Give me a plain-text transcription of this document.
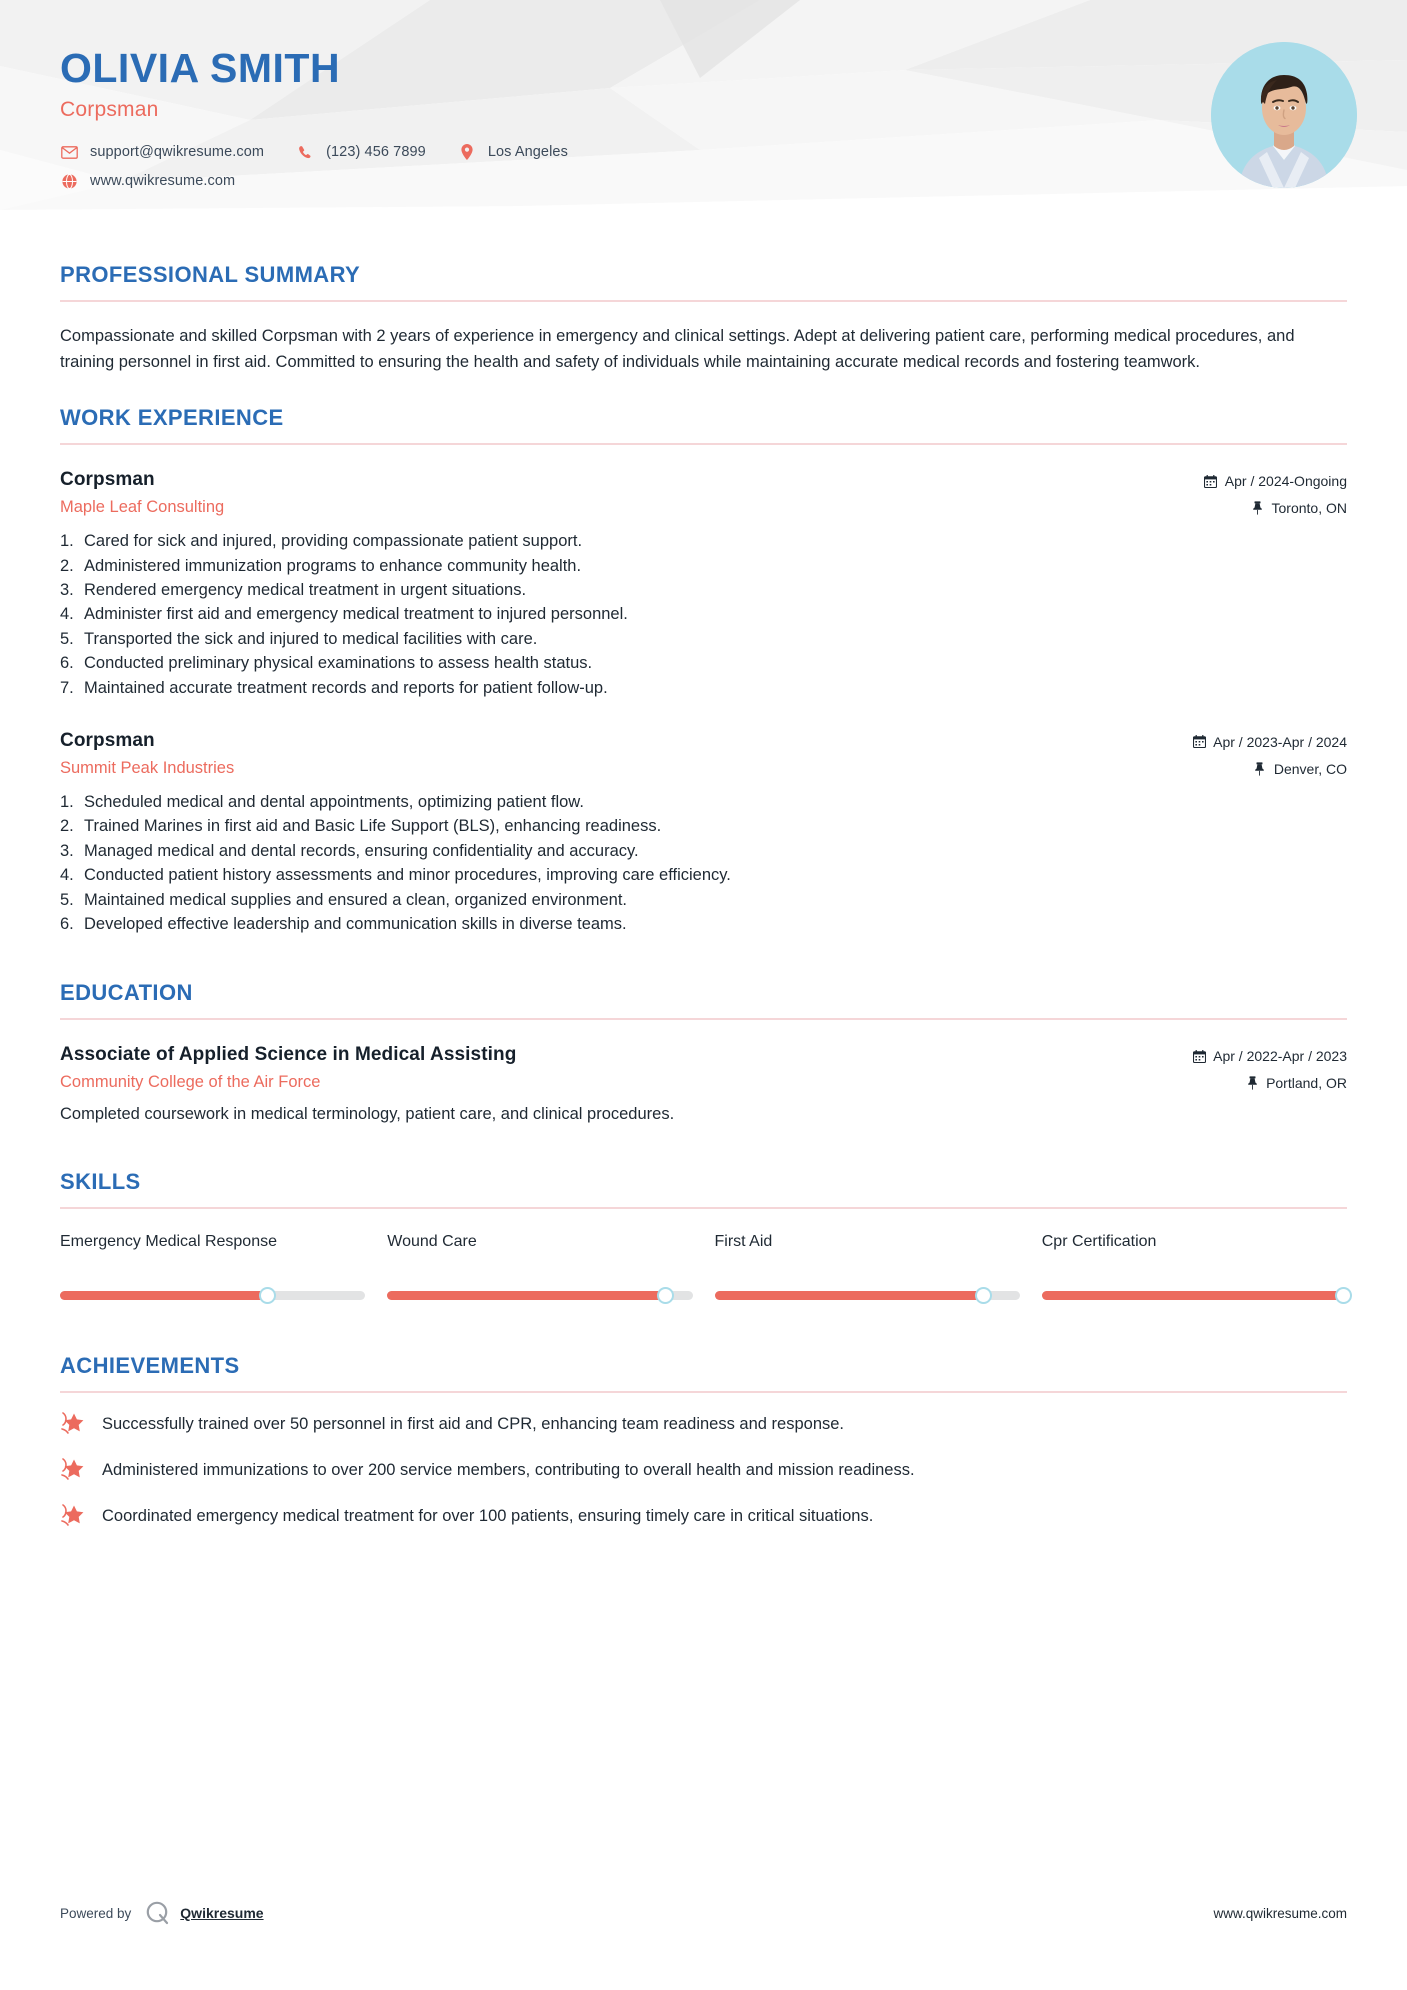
OLIVIA SMITH
Corpsman
support@qwikresume.com	(123) 456 7899	Los Angeles
www.qwikresume.com
PROFESSIONAL SUMMARY

Compassionate and skilled Corpsman with 2 years of experience in emergency and clinical settings. Adept at delivering patient care, performing medical procedures, and training personnel in first aid. Committed to ensuring the health and safety of individuals while maintaining accurate medical records and fostering teamwork.

WORK EXPERIENCE
Corpsman
Maple Leaf Consulting
Apr / 2024-Ongoing
Toronto, ON
1. Cared for sick and injured, providing compassionate patient support.
2. Administered immunization programs to enhance community health.
3. Rendered emergency medical treatment in urgent situations.
4. Administer first aid and emergency medical treatment to injured personnel.
5. Transported the sick and injured to medical facilities with care.
6. Conducted preliminary physical examinations to assess health status.
7. Maintained accurate treatment records and reports for patient follow-up.
Corpsman
Summit Peak Industries
Apr / 2023-Apr / 2024
Denver, CO
1. Scheduled medical and dental appointments, optimizing patient flow.
2. Trained Marines in first aid and Basic Life Support (BLS), enhancing readiness.
3. Managed medical and dental records, ensuring confidentiality and accuracy.
4. Conducted patient history assessments and minor procedures, improving care efficiency.
5. Maintained medical supplies and ensured a clean, organized environment.
6. Developed effective leadership and communication skills in diverse teams.
EDUCATION
Associate of Applied Science in Medical Assisting
Community College of the Air Force
Apr / 2022-Apr / 2023
Portland, OR
Completed coursework in medical terminology, patient care, and clinical procedures.
SKILLS
Emergency Medical Response	Wound Care	First Aid	Cpr Certification
ACHIEVEMENTS
Successfully trained over 50 personnel in first aid and CPR, enhancing team readiness and response.
Administered immunizations to over 200 service members, contributing to overall health and mission readiness.
Coordinated emergency medical treatment for over 100 patients, ensuring timely care in critical situations.
Powered by	Qwikresume	www.qwikresume.com
